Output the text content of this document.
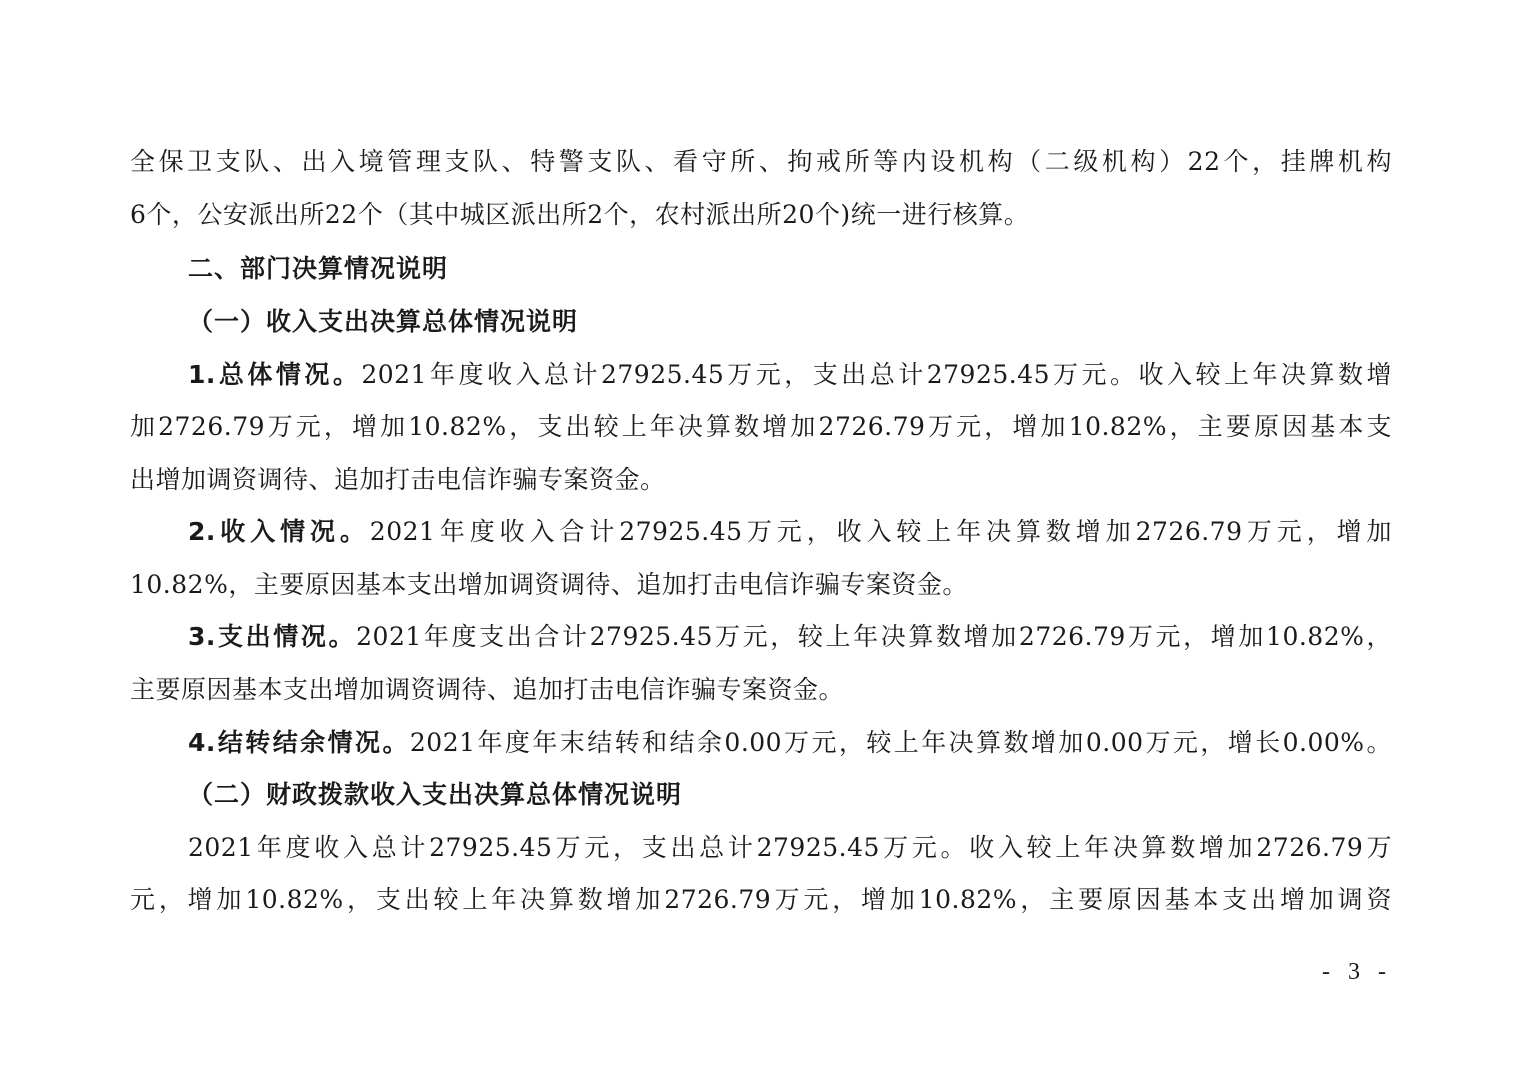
全保卫支队、出入境管理支队、特警支队、看守所、拘戒所等内设机构（二级机构）22个，挂牌机构
6个，公安派出所22个（其中城区派出所2个，农村派出所20个)统一进行核算。
二、部门决算情况说明
（一）收入支出决算总体情况说明
1.总体情况。2021年度收入总计27925.45万元，支出总计27925.45万元。收入较上年决算数增
加2726.79万元，增加10.82%，支出较上年决算数增加2726.79万元，增加10.82%，主要原因基本支
出增加调资调待、追加打击电信诈骗专案资金。
2.收入情况。2021年度收入合计27925.45万元，收入较上年决算数增加2726.79万元，增加
10.82%，主要原因基本支出增加调资调待、追加打击电信诈骗专案资金。
3.支出情况。2021年度支出合计27925.45万元，较上年决算数增加2726.79万元，增加10.82%，
主要原因基本支出增加调资调待、追加打击电信诈骗专案资金。
4.结转结余情况。2021年度年末结转和结余0.00万元，较上年决算数增加0.00万元，增长0.00%。
（二）财政拨款收入支出决算总体情况说明
2021年度收入总计27925.45万元，支出总计27925.45万元。收入较上年决算数增加2726.79万
元，增加10.82%，支出较上年决算数增加2726.79万元，增加10.82%，主要原因基本支出增加调资
- 3 -
